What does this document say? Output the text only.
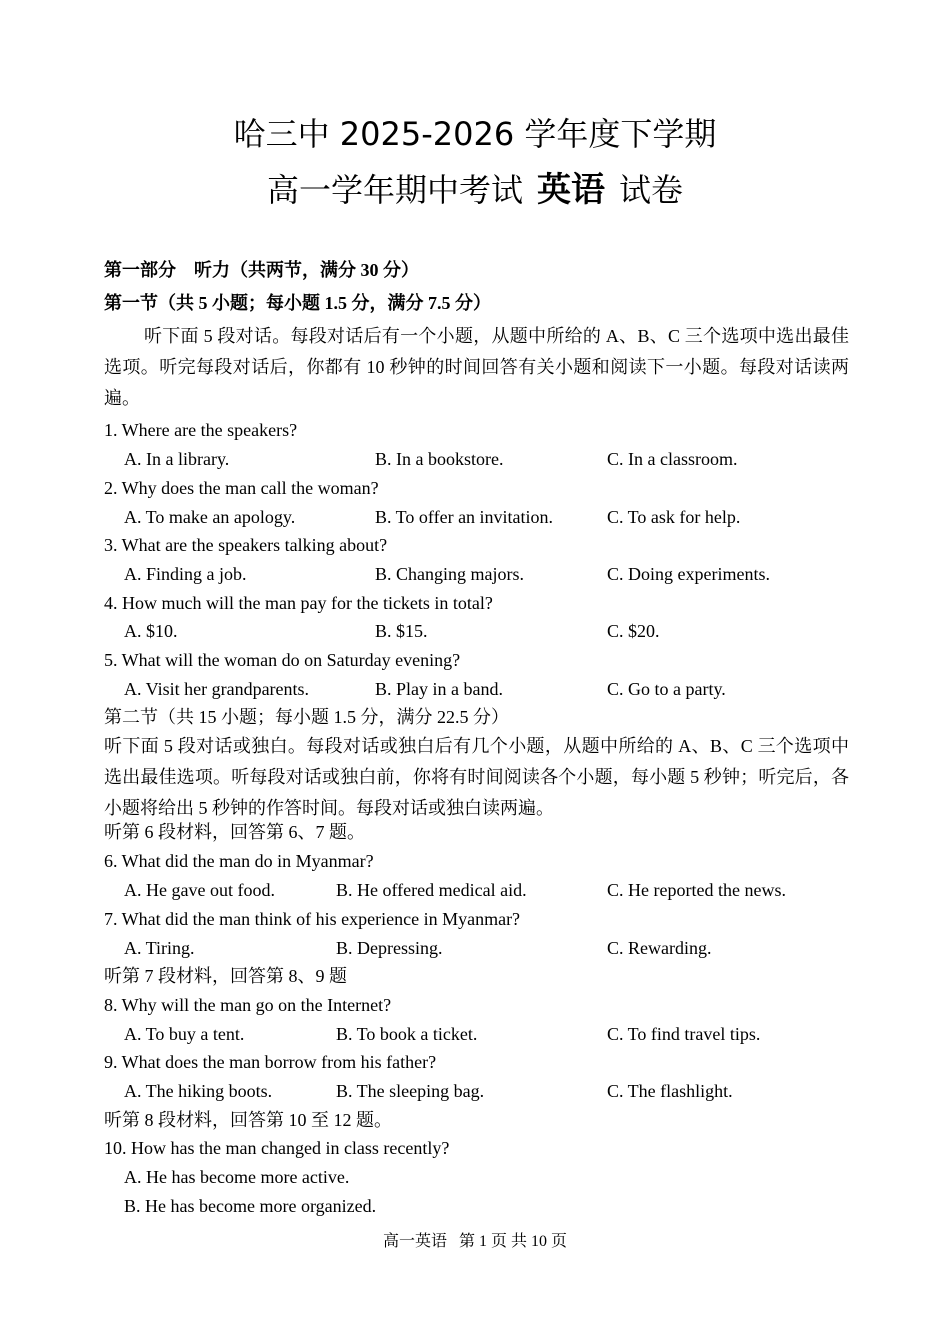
哈三中 2025-2026 学年度下学期
高一学年期中考试 英语 试卷
第一部分　听力（共两节，满分 30 分）
第一节（共 5 小题；每小题 1.5 分，满分 7.5 分）
听下面 5 段对话。每段对话后有一个小题，从题中所给的 A、B、C 三个选项中选出最佳选项。听完每段对话后，你都有 10 秒钟的时间回答有关小题和阅读下一小题。每段对话读两遍。
1. Where are the speakers?
A. In a library.	B. In a bookstore.	C. In a classroom.
2. Why does the man call the woman?
A. To make an apology.	B. To offer an invitation.	C. To ask for help.
3. What are the speakers talking about?
A. Finding a job.	B. Changing majors.	C. Doing experiments.
4. How much will the man pay for the tickets in total?
A. $10.	B. $15.	C. $20.
5. What will the woman do on Saturday evening?
A. Visit her grandparents.	B. Play in a band.	C. Go to a party.
第二节（共 15 小题；每小题 1.5 分，满分 22.5 分）
听下面 5 段对话或独白。每段对话或独白后有几个小题，从题中所给的 A、B、C 三个选项中选出最佳选项。听每段对话或独白前，你将有时间阅读各个小题，每小题 5 秒钟；听完后，各小题将给出 5 秒钟的作答时间。每段对话或独白读两遍。
听第 6 段材料，回答第 6、7 题。
6. What did the man do in Myanmar?
A. He gave out food.	B. He offered medical aid.	C. He reported the news.
7. What did the man think of his experience in Myanmar?
A. Tiring.	B. Depressing.	C. Rewarding.
听第 7 段材料，回答第 8、9 题
8. Why will the man go on the Internet?
A. To buy a tent.	B. To book a ticket.	C. To find travel tips.
9. What does the man borrow from his father?
A. The hiking boots.	B. The sleeping bag.	C. The flashlight.
听第 8 段材料，回答第 10 至 12 题。
10. How has the man changed in class recently?
A. He has become more active.
B. He has become more organized.
高一英语 第 1 页 共 10 页
